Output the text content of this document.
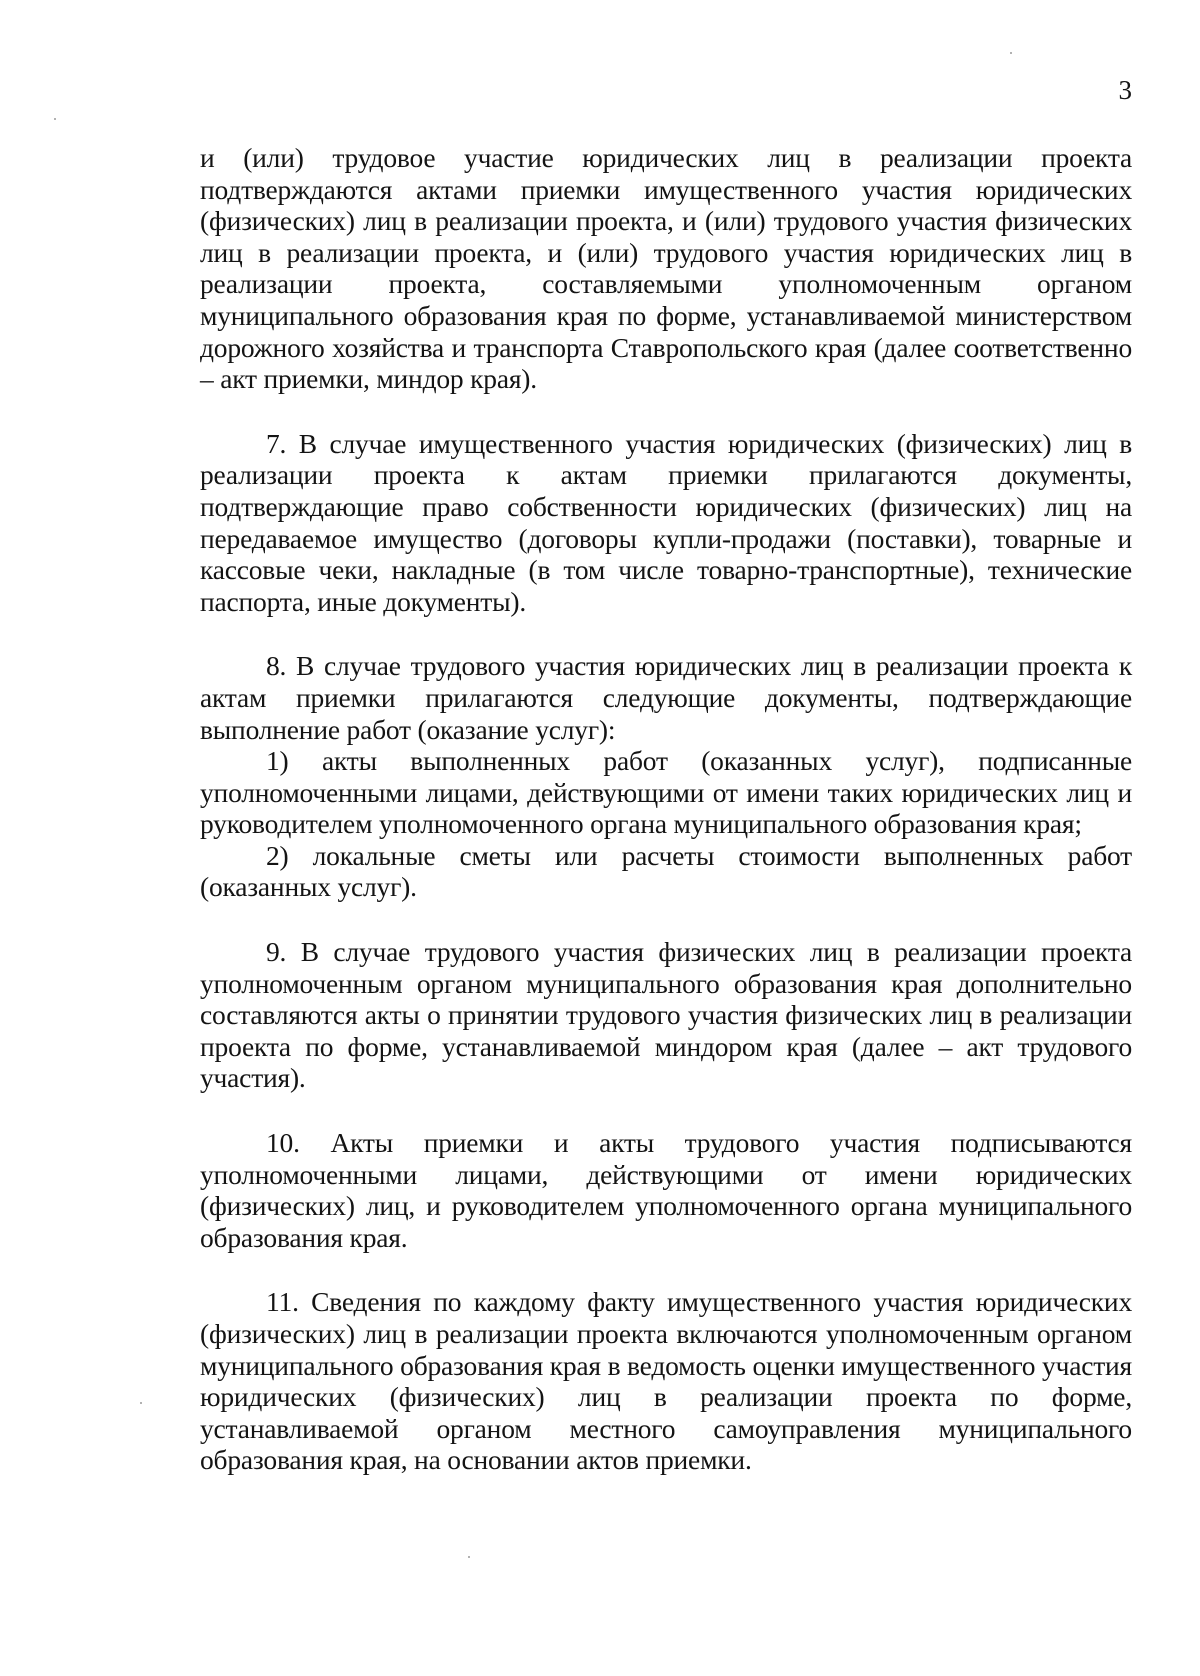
3

и (или) трудовое участие юридических лиц в реализации проекта подтверждаются актами приемки имущественного участия юридических (физических) лиц в реализации проекта, и (или) трудового участия физических лиц в реализации проекта, и (или) трудового участия юридических лиц в реализации проекта, составляемыми уполномоченным органом муниципального образования края по форме, устанавливаемой министерством дорожного хозяйства и транспорта Ставропольского края (далее соответственно – акт приемки, миндор края).

7. В случае имущественного участия юридических (физических) лиц в реализации проекта к актам приемки прилагаются документы, подтверждающие право собственности юридических (физических) лиц на передаваемое имущество (договоры купли-продажи (поставки), товарные и кассовые чеки, накладные (в том числе товарно-транспортные), технические паспорта, иные документы).

8. В случае трудового участия юридических лиц в реализации проекта к актам приемки прилагаются следующие документы, подтверждающие выполнение работ (оказание услуг):

1) акты выполненных работ (оказанных услуг), подписанные уполномоченными лицами, действующими от имени таких юридических лиц и руководителем уполномоченного органа муниципального образования края;

2) локальные сметы или расчеты стоимости выполненных работ (оказанных услуг).

9. В случае трудового участия физических лиц в реализации проекта уполномоченным органом муниципального образования края дополнительно составляются акты о принятии трудового участия физических лиц в реализации проекта по форме, устанавливаемой миндором края (далее – акт трудового участия).

10. Акты приемки и акты трудового участия подписываются уполномоченными лицами, действующими от имени юридических (физических) лиц, и руководителем уполномоченного органа муниципального образования края.

11. Сведения по каждому факту имущественного участия юридических (физических) лиц в реализации проекта включаются уполномоченным органом муниципального образования края в ведомость оценки имущественного участия юридических (физических) лиц в реализации проекта по форме, устанавливаемой органом местного самоуправления муниципального образования края, на основании актов приемки.
